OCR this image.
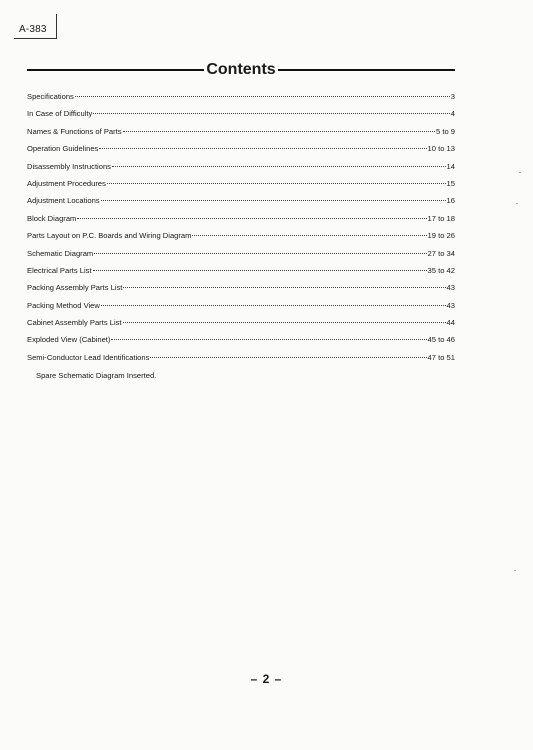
A-383
Contents
Specifications	3
In Case of Difficulty	4
Names & Functions of Parts	5 to 9
Operation Guidelines	10 to 13
Disassembly Instructions	14
Adjustment Procedures	15
Adjustment Locations	16
Block Diagram	17 to 18
Parts Layout on P.C. Boards and Wiring Diagram	19 to 26
Schematic Diagram	27 to 34
Electrical Parts List	35 to 42
Packing Assembly Parts List	43
Packing Method View	43
Cabinet Assembly Parts List	44
Exploded View (Cabinet)	45 to 46
Semi-Conductor Lead Identifications	47 to 51
Spare Schematic Diagram Inserted.
– 2 –
